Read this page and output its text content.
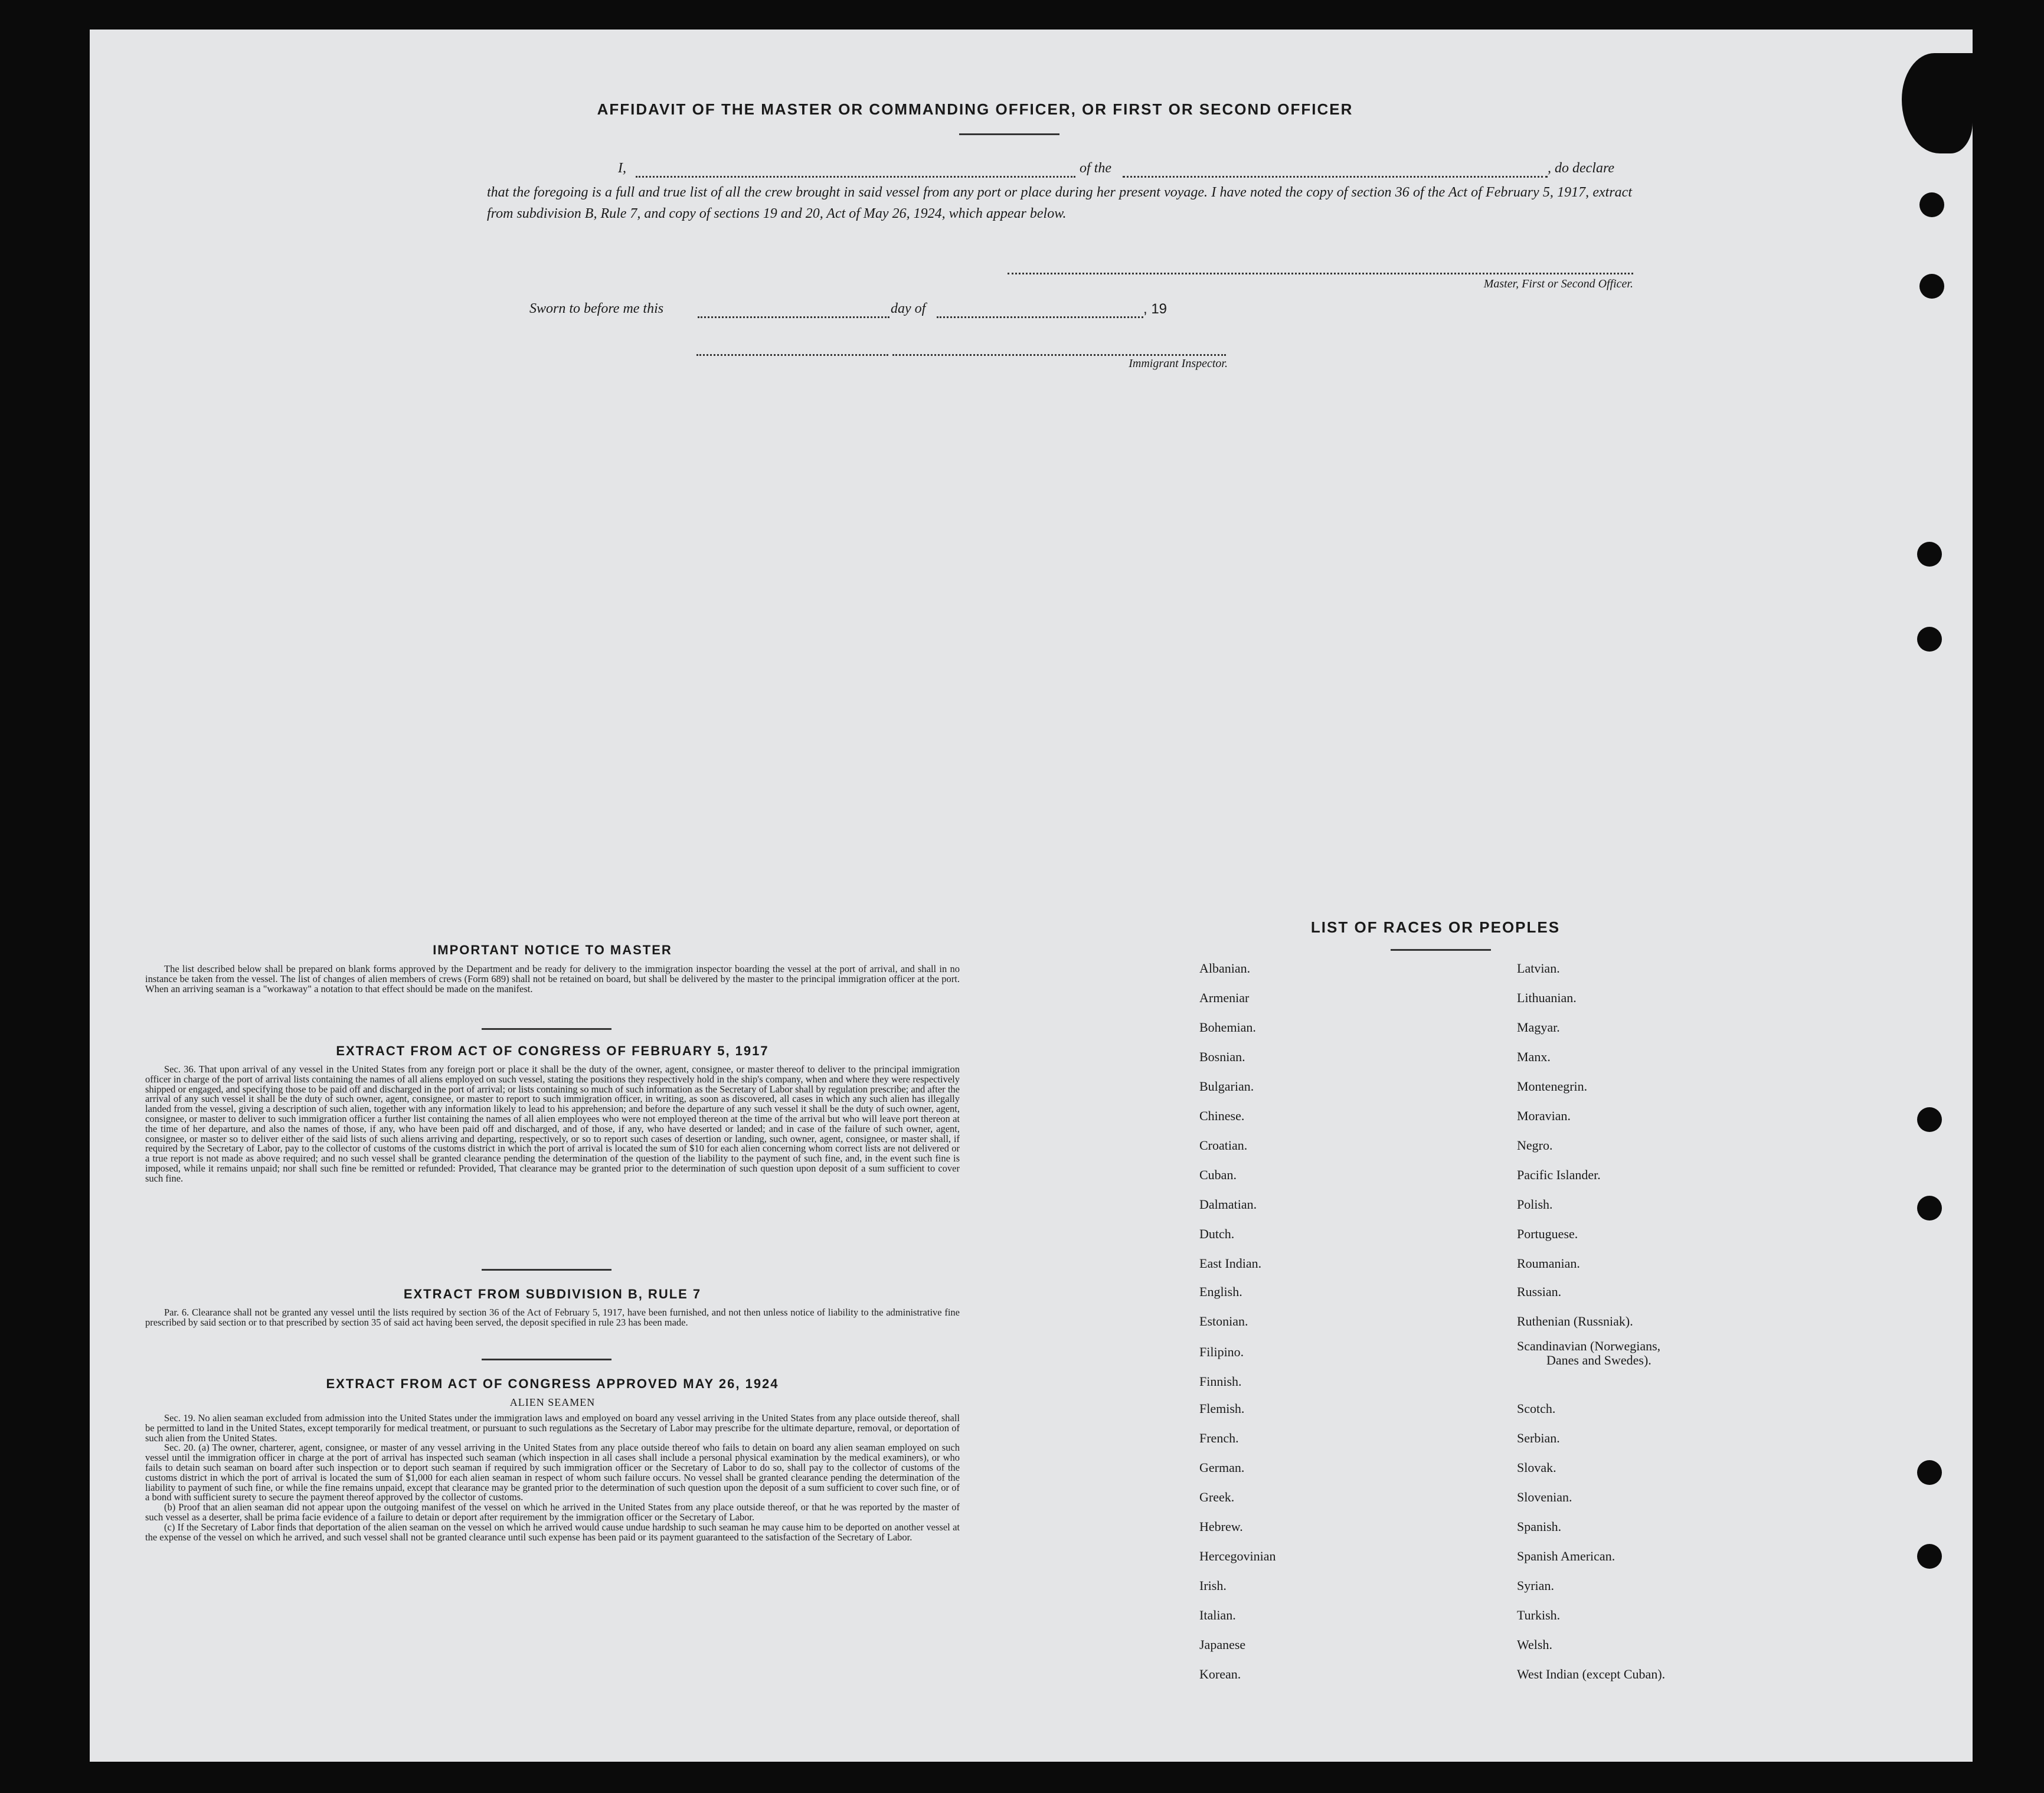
AFFIDAVIT OF THE MASTER OR COMMANDING OFFICER, OR FIRST OR SECOND OFFICER
I,	of the	, do declare
that the foregoing is a full and true list of all the crew brought in said vessel from any port or place during her present voyage. I have noted the copy of section 36 of the Act of February 5, 1917, extract from subdivision B, Rule 7, and copy of sections 19 and 20, Act of May 26, 1924, which appear below.
Master, First or Second Officer.
Sworn to before me this	day of	, 19
Immigrant Inspector.
IMPORTANT NOTICE TO MASTER

The list described below shall be prepared on blank forms approved by the Department and be ready for delivery to the immigration inspector boarding the vessel at the port of arrival, and shall in no instance be taken from the vessel. The list of changes of alien members of crews (Form 689) shall not be retained on board, but shall be delivered by the master to the principal immigration officer at the port. When an arriving seaman is a "workaway" a notation to that effect should be made on the manifest.

EXTRACT FROM ACT OF CONGRESS OF FEBRUARY 5, 1917

Sec. 36. That upon arrival of any vessel in the United States from any foreign port or place it shall be the duty of the owner, agent, consignee, or master thereof to deliver to the principal immigration officer in charge of the port of arrival lists containing the names of all aliens employed on such vessel, stating the positions they respectively hold in the ship's company, when and where they were respectively shipped or engaged, and specifying those to be paid off and discharged in the port of arrival; or lists containing so much of such information as the Secretary of Labor shall by regulation prescribe; and after the arrival of any such vessel it shall be the duty of such owner, agent, consignee, or master to report to such immigration officer, in writing, as soon as discovered, all cases in which any such alien has illegally landed from the vessel, giving a description of such alien, together with any information likely to lead to his apprehension; and before the departure of any such vessel it shall be the duty of such owner, agent, consignee, or master to deliver to such immigration officer a further list containing the names of all alien employees who were not employed thereon at the time of the arrival but who will leave port thereon at the time of her departure, and also the names of those, if any, who have been paid off and discharged, and of those, if any, who have deserted or landed; and in case of the failure of such owner, agent, consignee, or master so to deliver either of the said lists of such aliens arriving and departing, respectively, or so to report such cases of desertion or landing, such owner, agent, consignee, or master shall, if required by the Secretary of Labor, pay to the collector of customs of the customs district in which the port of arrival is located the sum of $10 for each alien concerning whom correct lists are not delivered or a true report is not made as above required; and no such vessel shall be granted clearance pending the determination of the question of the liability to the payment of such fine, and, in the event such fine is imposed, while it remains unpaid; nor shall such fine be remitted or refunded: Provided, That clearance may be granted prior to the determination of such question upon deposit of a sum sufficient to cover such fine.

EXTRACT FROM SUBDIVISION B, RULE 7

Par. 6. Clearance shall not be granted any vessel until the lists required by section 36 of the Act of February 5, 1917, have been furnished, and not then unless notice of liability to the administrative fine prescribed by said section or to that prescribed by section 35 of said act having been served, the deposit specified in rule 23 has been made.

EXTRACT FROM ACT OF CONGRESS APPROVED MAY 26, 1924
ALIEN SEAMEN

Sec. 19. No alien seaman excluded from admission into the United States under the immigration laws and employed on board any vessel arriving in the United States from any place outside thereof, shall be permitted to land in the United States, except temporarily for medical treatment, or pursuant to such regulations as the Secretary of Labor may prescribe for the ultimate departure, removal, or deportation of such alien from the United States.

Sec. 20. (a) The owner, charterer, agent, consignee, or master of any vessel arriving in the United States from any place outside thereof who fails to detain on board any alien seaman employed on such vessel until the immigration officer in charge at the port of arrival has inspected such seaman (which inspection in all cases shall include a personal physical examination by the medical examiners), or who fails to detain such seaman on board after such inspection or to deport such seaman if required by such immigration officer or the Secretary of Labor to do so, shall pay to the collector of customs of the customs district in which the port of arrival is located the sum of $1,000 for each alien seaman in respect of whom such failure occurs. No vessel shall be granted clearance pending the determination of the liability to payment of such fine, or while the fine remains unpaid, except that clearance may be granted prior to the determination of such question upon the deposit of a sum sufficient to cover such fine, or of a bond with sufficient surety to secure the payment thereof approved by the collector of customs.

(b) Proof that an alien seaman did not appear upon the outgoing manifest of the vessel on which he arrived in the United States from any place outside thereof, or that he was reported by the master of such vessel as a deserter, shall be prima facie evidence of a failure to detain or deport after requirement by the immigration officer or the Secretary of Labor.

(c) If the Secretary of Labor finds that deportation of the alien seaman on the vessel on which he arrived would cause undue hardship to such seaman he may cause him to be deported on another vessel at the expense of the vessel on which he arrived, and such vessel shall not be granted clearance until such expense has been paid or its payment guaranteed to the satisfaction of the Secretary of Labor.

LIST OF RACES OR PEOPLES
Albanian.
Armeniar
Bohemian.
Bosnian.
Bulgarian.
Chinese.
Croatian.
Cuban.
Dalmatian.
Dutch.
East Indian.
English.
Estonian.
Filipino.
Finnish.
Flemish.
French.
German.
Greek.
Hebrew.
Hercegovinian
Irish.
Italian.
Japanese
Korean.
Latvian.
Lithuanian.
Magyar.
Manx.
Montenegrin.
Moravian.
Negro.
Pacific Islander.
Polish.
Portuguese.
Roumanian.
Russian.
Ruthenian (Russniak).
Scandinavian (Norwegians,
Danes and Swedes).
Scotch.
Serbian.
Slovak.
Slovenian.
Spanish.
Spanish American.
Syrian.
Turkish.
Welsh.
West Indian (except Cuban).
